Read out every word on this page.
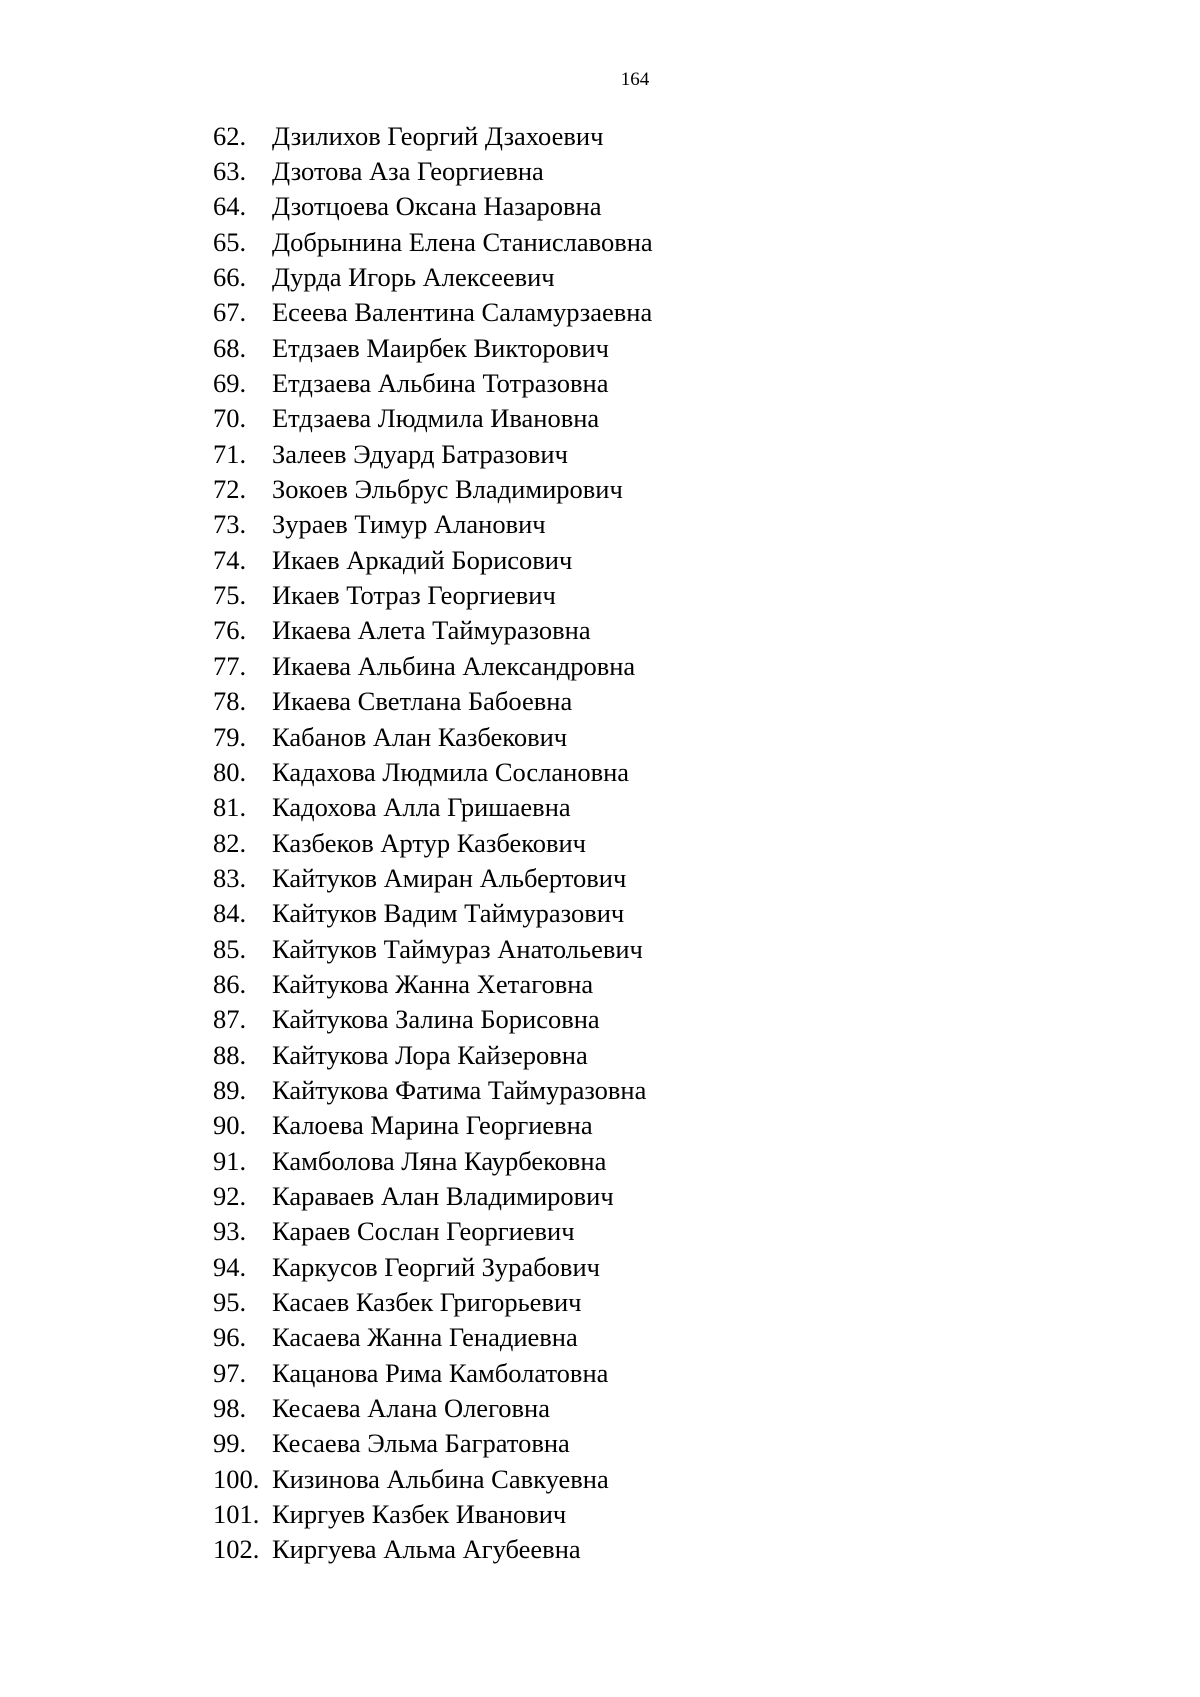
164
62. Дзилихов Георгий Дзахоевич
63. Дзотова Аза Георгиевна
64. Дзотцоева Оксана Назаровна
65. Добрынина Елена Станиславовна
66. Дурда Игорь Алексеевич
67. Есеева Валентина Саламурзаевна
68. Етдзаев Маирбек Викторович
69. Етдзаева Альбина Тотразовна
70. Етдзаева Людмила Ивановна
71. Залеев Эдуард Батразович
72. Зокоев Эльбрус Владимирович
73. Зураев Тимур Аланович
74. Икаев Аркадий Борисович
75. Икаев Тотраз Георгиевич
76. Икаева Алета Таймуразовна
77. Икаева Альбина Александровна
78. Икаева Светлана Бабоевна
79. Кабанов Алан Казбекович
80. Кадахова Людмила Сослановна
81. Кадохова Алла Гришаевна
82. Казбеков Артур Казбекович
83. Кайтуков Амиран Альбертович
84. Кайтуков Вадим Таймуразович
85. Кайтуков Таймураз Анатольевич
86. Кайтукова Жанна Хетаговна
87. Кайтукова Залина Борисовна
88. Кайтукова Лора Кайзеровна
89. Кайтукова Фатима Таймуразовна
90. Калоева Марина Георгиевна
91. Камболова Ляна Каурбековна
92. Караваев Алан Владимирович
93. Караев Сослан Георгиевич
94. Каркусов Георгий Зурабович
95. Касаев Казбек Григорьевич
96. Касаева Жанна Генадиевна
97. Кацанова Рима Камболатовна
98. Кесаева Алана Олеговна
99. Кесаева Эльма Багратовна
100. Кизинова Альбина Савкуевна
101. Киргуев Казбек Иванович
102. Киргуева Альма Агубеевна
